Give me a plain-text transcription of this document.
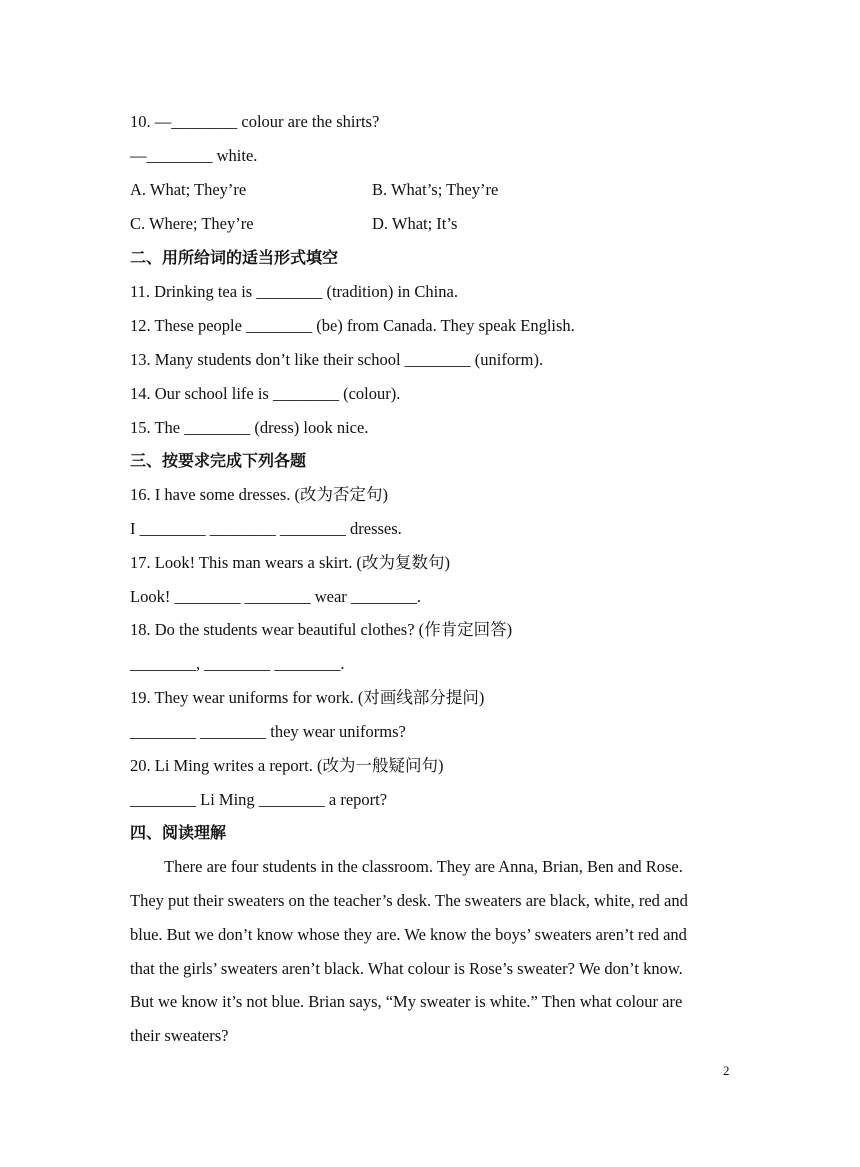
10. —________ colour are the shirts?
—________ white.
A. What; They’re	B. What’s; They’re
C. Where; They’re	D. What; It’s
二、用所给词的适当形式填空
11. Drinking tea is ________ (tradition) in China.
12. These people ________ (be) from Canada. They speak English.
13. Many students don’t like their school ________ (uniform).
14. Our school life is ________ (colour).
15. The ________ (dress) look nice.
三、按要求完成下列各题
16. I have some dresses. (改为否定句)
I ________ ________ ________ dresses.
17. Look! This man wears a skirt. (改为复数句)
Look! ________ ________ wear ________.
18. Do the students wear beautiful clothes? (作肯定回答)
________, ________ ________.
19. They wear uniforms for work. (对画线部分提问)
________ ________ they wear uniforms?
20. Li Ming writes a report. (改为一般疑问句)
________ Li Ming ________ a report?
四、阅读理解
There are four students in the classroom. They are Anna, Brian, Ben and Rose.
They put their sweaters on the teacher’s desk. The sweaters are black, white, red and
blue. But we don’t know whose they are. We know the boys’ sweaters aren’t red and
that the girls’ sweaters aren’t black. What colour is Rose’s sweater? We don’t know.
But we know it’s not blue. Brian says, “My sweater is white.” Then what colour are
their sweaters?
2
